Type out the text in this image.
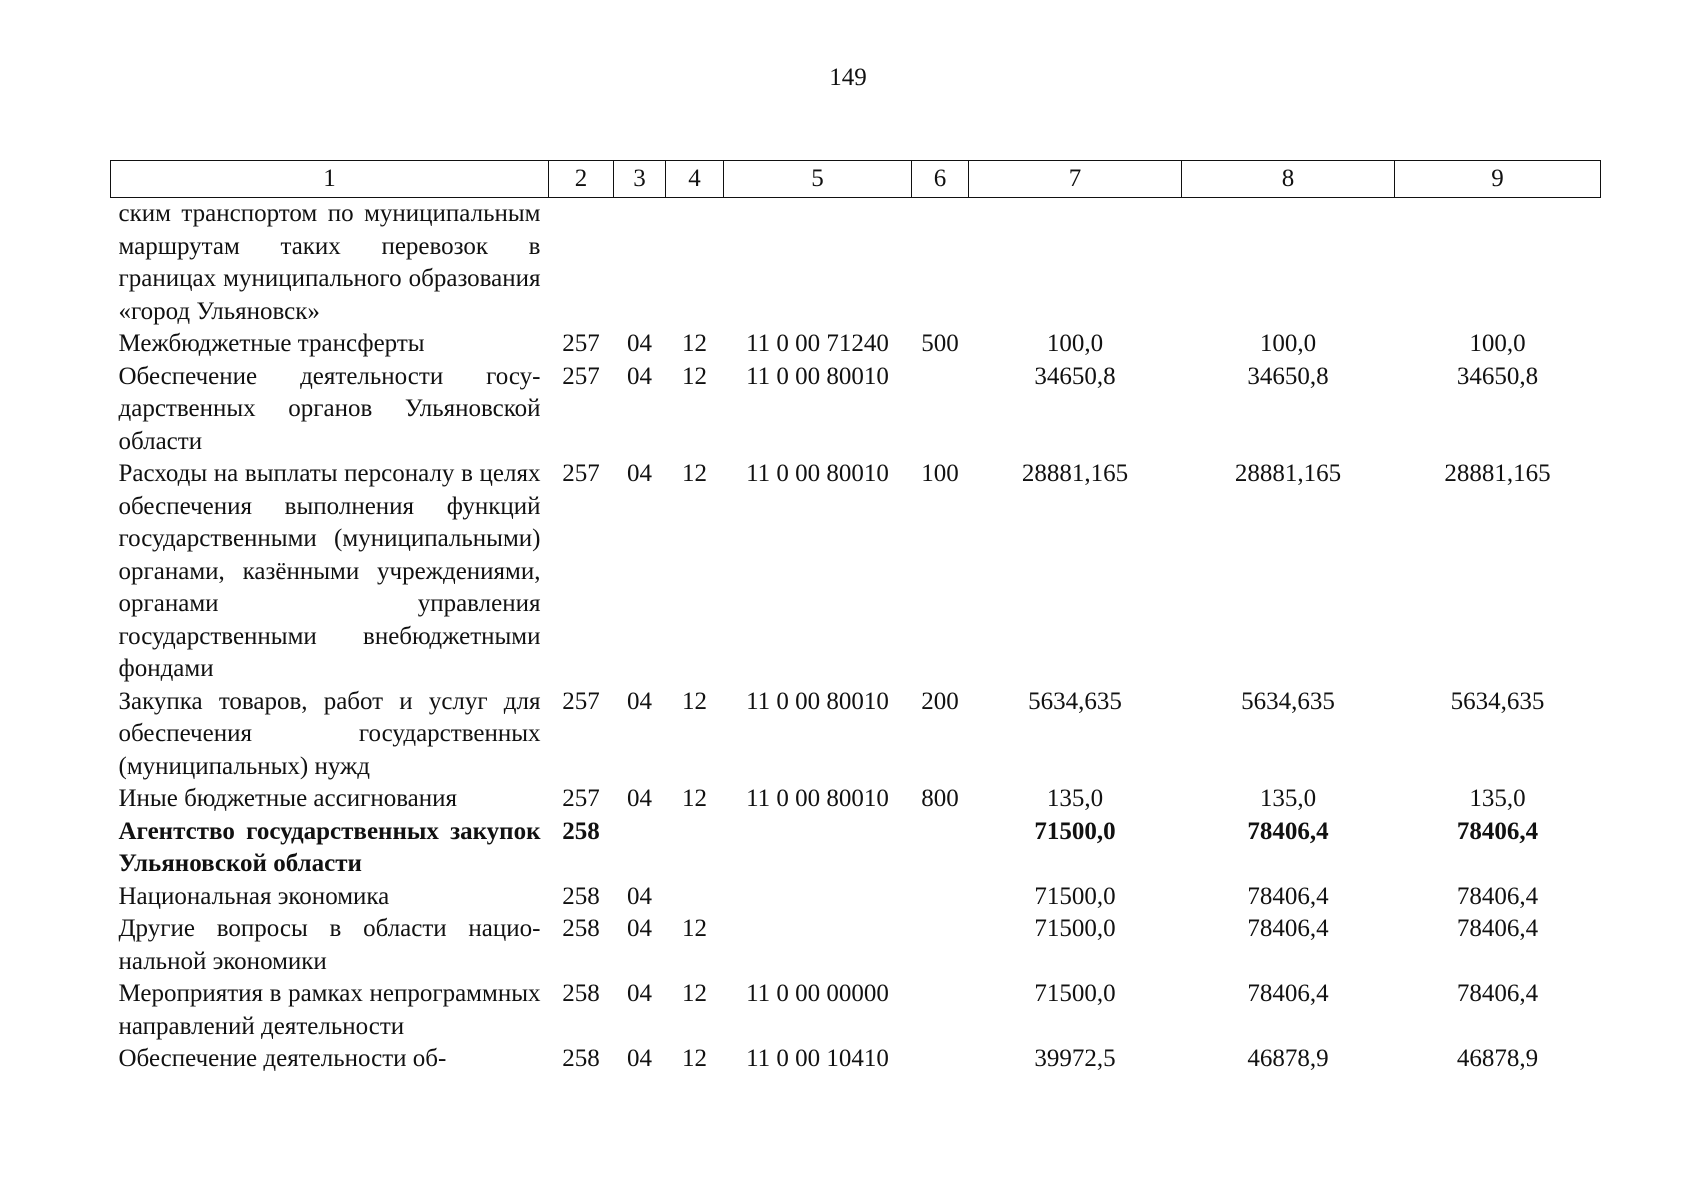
149
1	2	3	4	5	6	7	8	9
ским транспортом по муниципальным маршрутам таких перевозок в границах муниципального образования «город Ульяновск»								
Межбюджетные трансферты	257	04	12	11 0 00 71240	500	100,0	100,0	100,0
Обеспечение деятельности государственных органов Ульяновской области	257	04	12	11 0 00 80010		34650,8	34650,8	34650,8
Расходы на выплаты персоналу в целях обеспечения выполнения функций государственными (муниципальными) органами, казёнными учреждениями, органами управления государственными внебюджетными фондами	257	04	12	11 0 00 80010	100	28881,165	28881,165	28881,165
Закупка товаров, работ и услуг для обеспечения государственных (муниципальных) нужд	257	04	12	11 0 00 80010	200	5634,635	5634,635	5634,635
Иные бюджетные ассигнования	257	04	12	11 0 00 80010	800	135,0	135,0	135,0
Агентство государственных закупок Ульяновской области	258					71500,0	78406,4	78406,4
Национальная экономика	258	04				71500,0	78406,4	78406,4
Другие вопросы в области национальной экономики	258	04	12			71500,0	78406,4	78406,4
Мероприятия в рамках непрограммных направлений деятельности	258	04	12	11 0 00 00000		71500,0	78406,4	78406,4
Обеспечение деятельности об-	258	04	12	11 0 00 10410		39972,5	46878,9	46878,9
